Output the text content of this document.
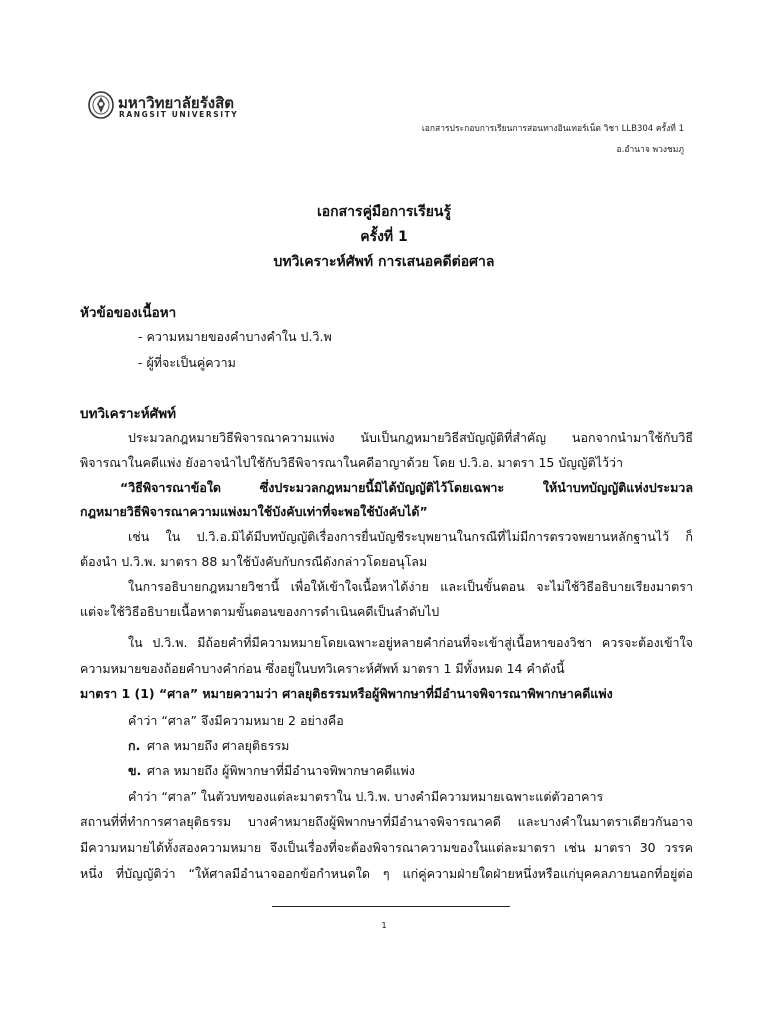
มหาวิทยาลัยรังสิต
RANGSIT UNIVERSITY
เอกสารประกอบการเรียนการสอนทางอินเทอร์เน็ต วิชา LLB304 ครั้งที่ 1
อ.อำนาจ พวงชมภู
เอกสารคู่มือการเรียนรู้
ครั้งที่ 1
บทวิเคราะห์ศัพท์ การเสนอคดีต่อศาล
หัวข้อของเนื้อหา
- ความหมายของคำบางคำใน ป.วิ.พ
- ผู้ที่จะเป็นคู่ความ
บทวิเคราะห์ศัพท์
ประมวลกฎหมายวิธีพิจารณาความแพ่ง นับเป็นกฎหมายวิธีสบัญญัติที่สำคัญ นอกจากนำมาใช้กับวิธี
พิจารณาในคดีแพ่ง ยังอาจนำไปใช้กับวิธีพิจารณาในคดีอาญาด้วย โดย ป.วิ.อ. มาตรา 15 บัญญัติไว้ว่า
“วิธีพิจารณาข้อใด ซึ่งประมวลกฎหมายนี้มิได้บัญญัติไว้โดยเฉพาะ ให้นำบทบัญญัติแห่งประมวล
กฎหมายวิธีพิจารณาความแพ่งมาใช้บังคับเท่าที่จะพอใช้บังคับได้”
เช่น ใน ป.วิ.อ.มิได้มีบทบัญญัติเรื่องการยื่นบัญชีระบุพยานในกรณีที่ไม่มีการตรวจพยานหลักฐานไว้ ก็
ต้องนำ ป.วิ.พ. มาตรา 88 มาใช้บังคับกับกรณีดังกล่าวโดยอนุโลม
ในการอธิบายกฎหมายวิชานี้ เพื่อให้เข้าใจเนื้อหาได้ง่าย และเป็นขั้นตอน จะไม่ใช้วิธีอธิบายเรียงมาตรา
แต่จะใช้วิธีอธิบายเนื้อหาตามขั้นตอนของการดำเนินคดีเป็นลำดับไป
ใน ป.วิ.พ. มีถ้อยคำที่มีความหมายโดยเฉพาะอยู่หลายคำก่อนที่จะเข้าสู่เนื้อหาของวิชา ควรจะต้องเข้าใจ
ความหมายของถ้อยคำบางคำก่อน ซึ่งอยู่ในบทวิเคราะห์ศัพท์ มาตรา 1 มีทั้งหมด 14 คำดังนี้
มาตรา 1 (1) “ศาล” หมายความว่า ศาลยุติธรรมหรือผู้พิพากษาที่มีอำนาจพิจารณาพิพากษาคดีแพ่ง
คำว่า “ศาล” จึงมีความหมาย 2 อย่างคือ
ก. ศาล หมายถึง ศาลยุติธรรม
ข. ศาล หมายถึง ผู้พิพากษาที่มีอำนาจพิพากษาคดีแพ่ง
คำว่า “ศาล” ในตัวบทของแต่ละมาตราใน ป.วิ.พ. บางคำมีความหมายเฉพาะแต่ตัวอาคาร
สถานที่ที่ทำการศาลยุติธรรม บางคำหมายถึงผู้พิพากษาที่มีอำนาจพิจารณาคดี และบางคำในมาตราเดียวกันอาจ
มีความหมายได้ทั้งสองความหมาย จึงเป็นเรื่องที่จะต้องพิจารณาความของในแต่ละมาตรา เช่น มาตรา 30 วรรค
หนึ่ง ที่บัญญัติว่า “ให้ศาลมีอำนาจออกข้อกำหนดใด ๆ แก่คู่ความฝ่ายใดฝ่ายหนึ่งหรือแก่บุคคลภายนอกที่อยู่ต่อ
1
